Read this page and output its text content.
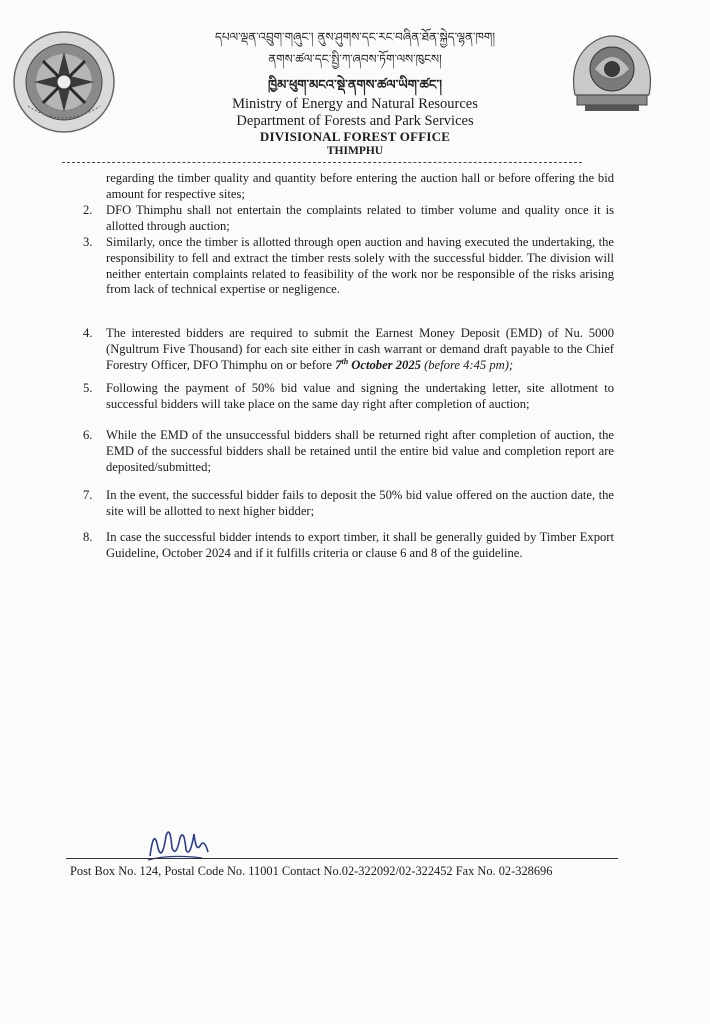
དཔལ་ལྡན་འབྲུག་གཞུང་། ནུས་ཤུགས་དང་རང་བཞིན་ཐོན་སྐྱེད་ལྷན་ཁག།
ནགས་ཚལ་དང་སྤྱི་ཀ་ཞབས་ཏོག་ལས་ཁུངས།
ཁྱིམ་ཕུག་མངའ་སྡེ་ནགས་ཚལ་ཡིག་ཚང་།
Ministry of Energy and Natural Resources
Department of Forests and Park Services
DIVISIONAL FOREST OFFICE
THIMPHU
regarding the timber quality and quantity before entering the auction hall or before offering the bid amount for respective sites;
2. DFO Thimphu shall not entertain the complaints related to timber volume and quality once it is allotted through auction;
3. Similarly, once the timber is allotted through open auction and having executed the undertaking, the responsibility to fell and extract the timber rests solely with the successful bidder. The division will neither entertain complaints related to feasibility of the work nor be responsible of the risks arising from lack of technical expertise or negligence.
4. The interested bidders are required to submit the Earnest Money Deposit (EMD) of Nu. 5000 (Ngultrum Five Thousand) for each site either in cash warrant or demand draft payable to the Chief Forestry Officer, DFO Thimphu on or before 7th October 2025 (before 4:45 pm);
5. Following the payment of 50% bid value and signing the undertaking letter, site allotment to successful bidders will take place on the same day right after completion of auction;
6. While the EMD of the unsuccessful bidders shall be returned right after completion of auction, the EMD of the successful bidders shall be retained until the entire bid value and completion report are deposited/submitted;
7. In the event, the successful bidder fails to deposit the 50% bid value offered on the auction date, the site will be allotted to next higher bidder;
8. In case the successful bidder intends to export timber, it shall be generally guided by Timber Export Guideline, October 2024 and if it fulfills criteria or clause 6 and 8 of the guideline.
Post Box No. 124, Postal Code No. 11001 Contact No.02-322092/02-322452 Fax No. 02-328696
